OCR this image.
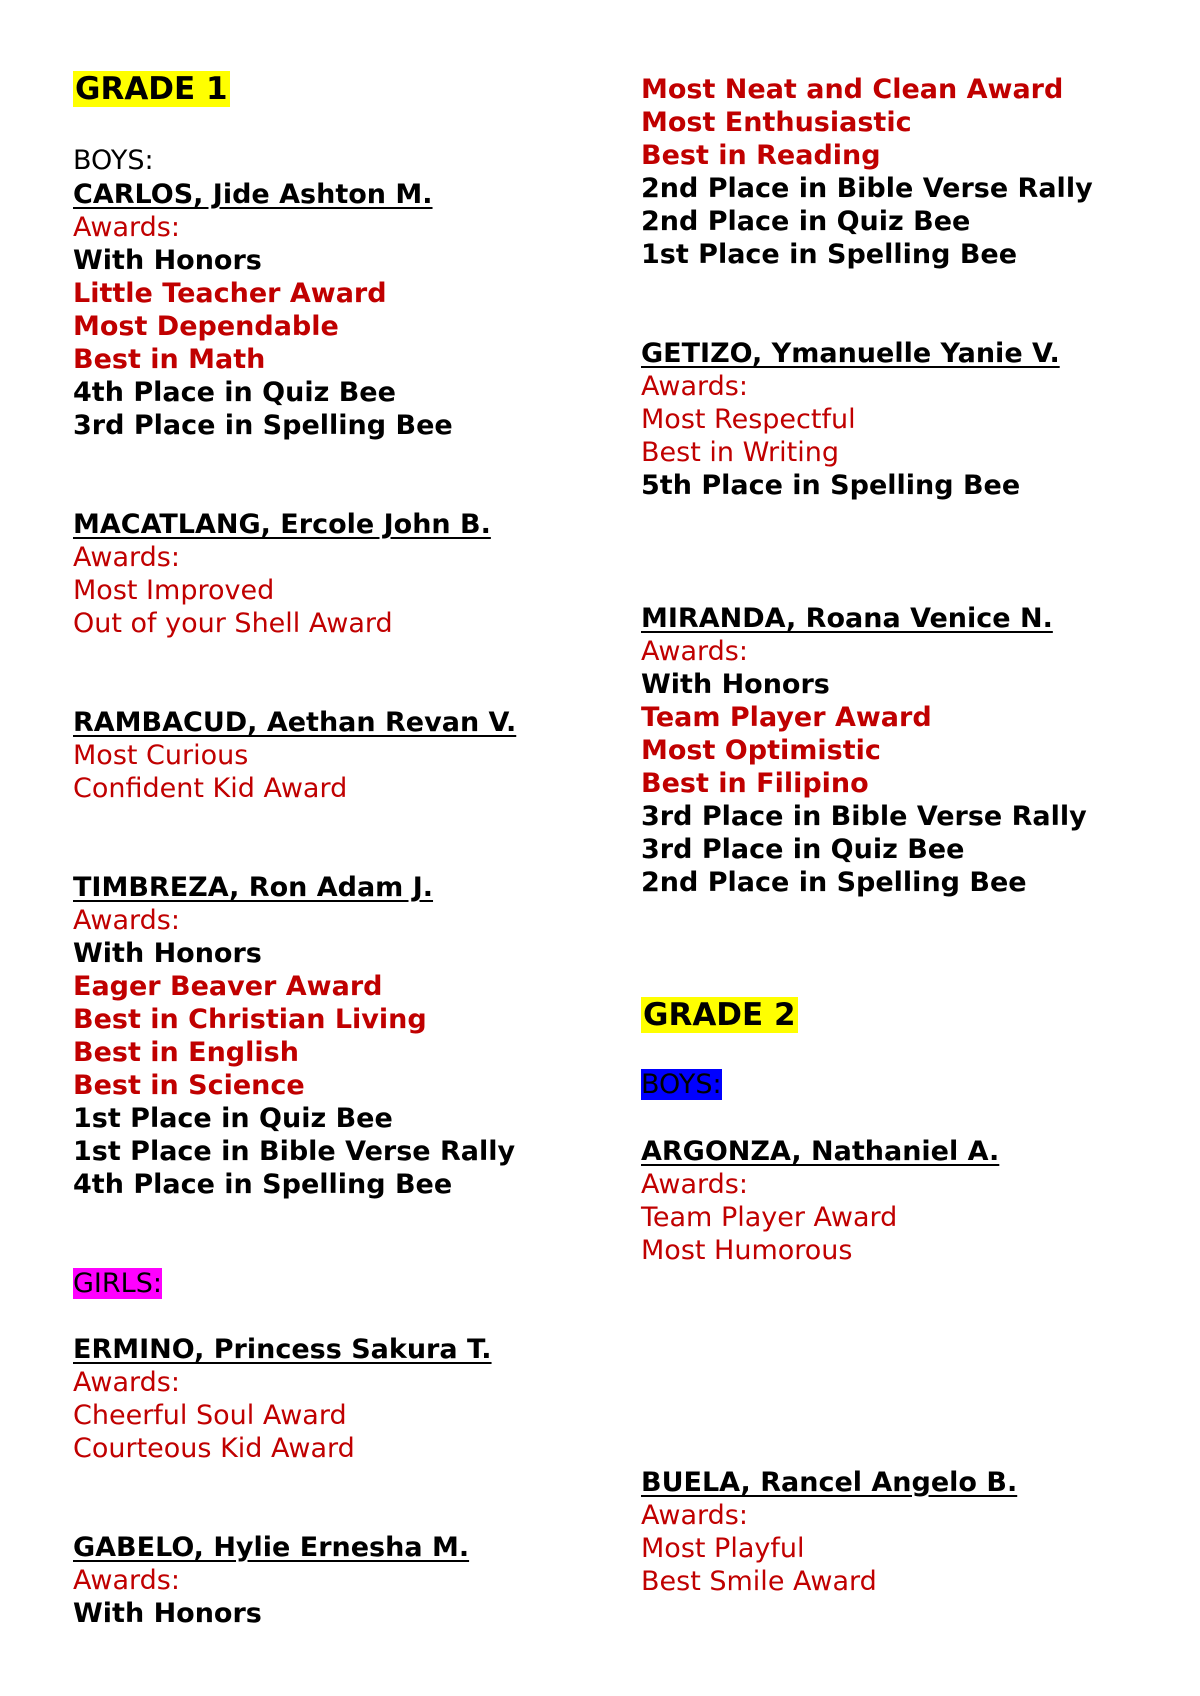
GRADE 1
BOYS:
CARLOS, Jide Ashton M.
Awards:
With Honors
Little Teacher Award
Most Dependable
Best in Math
4th Place in Quiz Bee
3rd Place in Spelling Bee
MACATLANG, Ercole John B.
Awards:
Most Improved
Out of your Shell Award
RAMBACUD, Aethan Revan V.
Most Curious
Confident Kid Award
TIMBREZA, Ron Adam J.
Awards:
With Honors
Eager Beaver Award
Best in Christian Living
Best in English
Best in Science
1st Place in Quiz Bee
1st Place in Bible Verse Rally
4th Place in Spelling Bee
GIRLS:
ERMINO, Princess Sakura T.
Awards:
Cheerful Soul Award
Courteous Kid Award
GABELO, Hylie Ernesha M.
Awards:
With Honors
Most Neat and Clean Award
Most Enthusiastic
Best in Reading
2nd Place in Bible Verse Rally
2nd Place in Quiz Bee
1st Place in Spelling Bee
GETIZO, Ymanuelle Yanie V.
Awards:
Most Respectful
Best in Writing
5th Place in Spelling Bee
MIRANDA, Roana Venice N.
Awards:
With Honors
Team Player Award
Most Optimistic
Best in Filipino
3rd Place in Bible Verse Rally
3rd Place in Quiz Bee
2nd Place in Spelling Bee
GRADE 2
BOYS:
ARGONZA, Nathaniel A.
Awards:
Team Player Award
Most Humorous
BUELA, Rancel Angelo B.
Awards:
Most Playful
Best Smile Award
